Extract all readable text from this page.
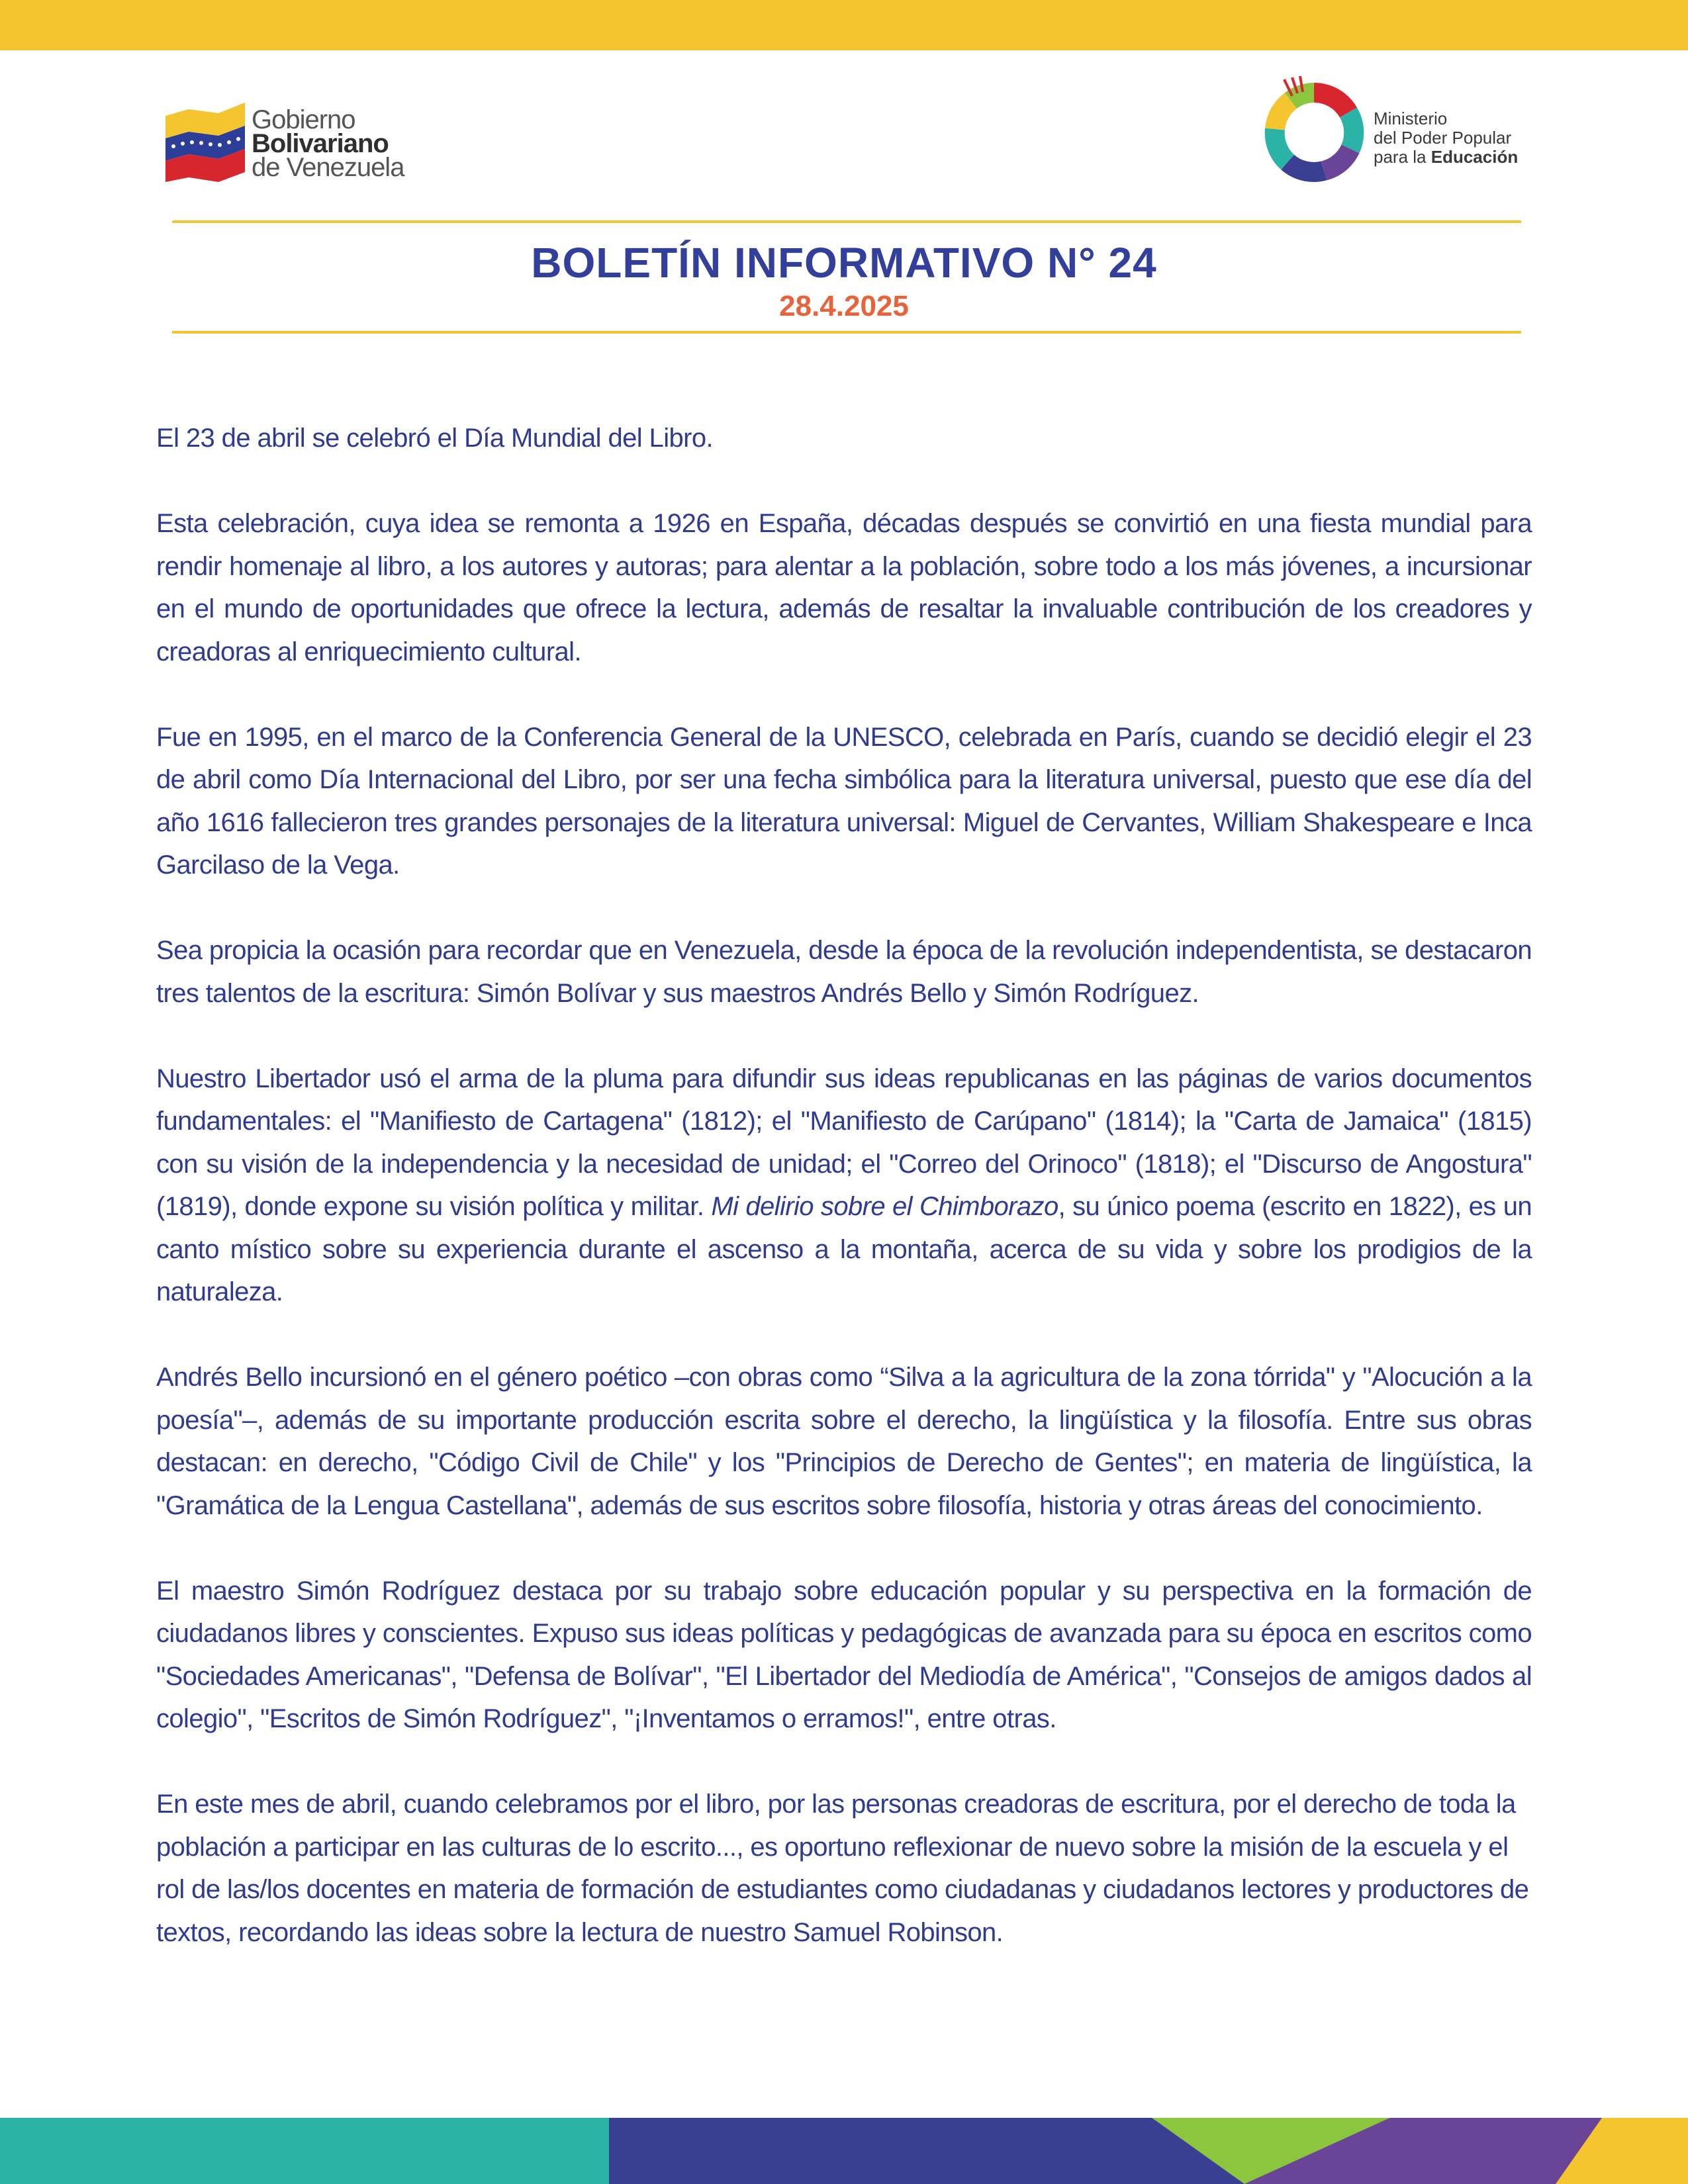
Gobierno
Bolivariano
de Venezuela
Ministerio
del Poder Popular
para la Educación
BOLETÍN INFORMATIVO N° 24
28.4.2025

El 23 de abril se celebró el Día Mundial del Libro.

Esta celebración, cuya idea se remonta a 1926 en España, décadas después se convirtió en una fiesta mundial para rendir homenaje al libro, a los autores y autoras; para alentar a la población, sobre todo a los más jóvenes, a incursionar en el mundo de oportunidades que ofrece la lectura, además de resaltar la invaluable contribución de los creadores y creadoras al enriquecimiento cultural.

Fue en 1995, en el marco de la Conferencia General de la UNESCO, celebrada en París, cuando se decidió elegir el 23 de abril como Día Internacional del Libro, por ser una fecha simbólica para la literatura universal, puesto que ese día del año 1616 fallecieron tres grandes personajes de la literatura universal: Miguel de Cervantes, William Shakespeare e Inca Garcilaso de la Vega.

Sea propicia la ocasión para recordar que en Venezuela, desde la época de la revolución independentista, se destacaron tres talentos de la escritura: Simón Bolívar y sus maestros Andrés Bello y Simón Rodríguez.

Nuestro Libertador usó el arma de la pluma para difundir sus ideas republicanas en las páginas de varios documentos fundamentales: el "Manifiesto de Cartagena" (1812); el "Manifiesto de Carúpano" (1814); la "Carta de Jamaica" (1815) con su visión de la independencia y la necesidad de unidad; el "Correo del Orinoco" (1818); el "Discurso de Angostura" (1819), donde expone su visión política y militar. Mi delirio sobre el Chimborazo, su único poema (escrito en 1822), es un canto místico sobre su experiencia durante el ascenso a la montaña, acerca de su vida y sobre los prodigios de la naturaleza.

Andrés Bello incursionó en el género poético –con obras como “Silva a la agricultura de la zona tórrida" y "Alocución a la poesía"–, además de su importante producción escrita sobre el derecho, la lingüística y la filosofía. Entre sus obras destacan: en derecho, "Código Civil de Chile" y los "Principios de Derecho de Gentes"; en materia de lingüística, la "Gramática de la Lengua Castellana", además de sus escritos sobre filosofía, historia y otras áreas del conocimiento.

El maestro Simón Rodríguez destaca por su trabajo sobre educación popular y su perspectiva en la formación de ciudadanos libres y conscientes. Expuso sus ideas políticas y pedagógicas de avanzada para su época en escritos como "Sociedades Americanas", "Defensa de Bolívar", "El Libertador del Mediodía de América", "Consejos de amigos dados al colegio", "Escritos de Simón Rodríguez", "¡Inventamos o erramos!", entre otras.

En este mes de abril, cuando celebramos por el libro, por las personas creadoras de escritura, por el derecho de toda la población a participar en las culturas de lo escrito..., es oportuno reflexionar de nuevo sobre la misión de la escuela y el rol de las/los docentes en materia de formación de estudiantes como ciudadanas y ciudadanos lectores y productores de textos, recordando las ideas sobre la lectura de nuestro Samuel Robinson.
